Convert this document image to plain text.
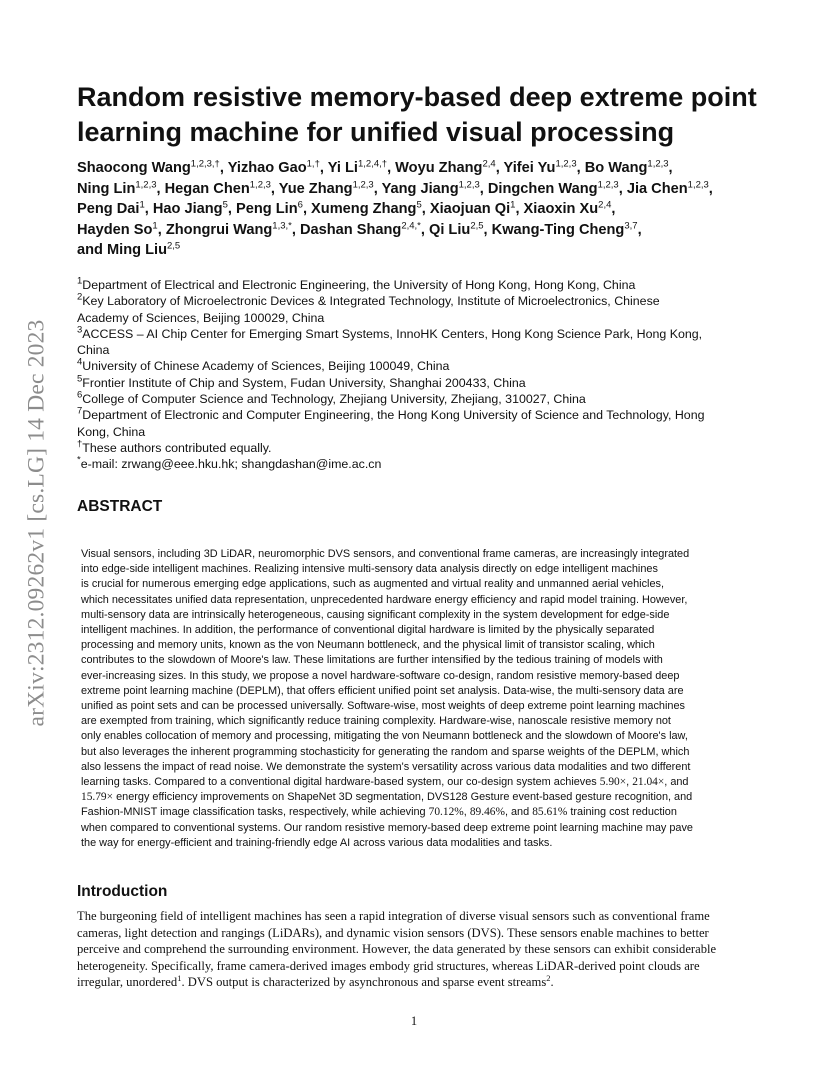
arXiv:2312.09262v1 [cs.LG] 14 Dec 2023
Random resistive memory-based deep extreme point
learning machine for unified visual processing
Shaocong Wang$^{1,2,3,\dagger}$, Yizhao Gao$^{1,\dagger}$, Yi $Li^{1,2,4,\dagger}$, Woyu Zhang$^{2,4}$, Yifei Yu$^{1,2,3}$, Bo Wang$^{1,2,3}$,
Ning Lin$^{1,2,3}$, Hegan Chen$^{1,2,3}$, Yue Zhang$^{1,2,3}$, Yang Jiang$^{1,2,3}$, Dingchen Wang$^{1,2,3}$, Jia Chen$^{1,2,3}$,
Peng Dai$^1$, Hao Jiang$^5$, Peng Lin$^6$, Xumeng Zhang$^5$, Xiaojuan Qi$^1$, Xiaoxin Xu$^{2,4}$,
Hayden So$^1$, Zhongrui Wang$^{1,3,*}$, Dashan Shang$^{2,4,*}$, Qi Liu$^{2,5}$, Kwang-Ting Cheng$^{3,7}$,
and Ming Liu$^{2,5}$
$^1$Department of Electrical and Electronic Engineering, the University of Hong Kong, Hong Kong, China
$^2$Key Laboratory of Microelectronic Devices & Integrated Technology, Institute of Microelectronics, Chinese
Academy of Sciences, Beijing 100029, China
$^3$ACCESS – AI Chip Center for Emerging Smart Systems, InnoHK Centers, Hong Kong Science Park, Hong Kong,
China
$^4$University of Chinese Academy of Sciences, Beijing 100049, China
$^5$Frontier Institute of Chip and System, Fudan University, Shanghai 200433, China
$^6$College of Computer Science and Technology, Zhejiang University, Zhejiang, 310027, China
$^7$Department of Electronic and Computer Engineering, the Hong Kong University of Science and Technology, Hong
Kong, China
†These authors contributed equally.
*e-mail: zrwang@eee.hku.hk; shangdashan@ime.ac.cn
ABSTRACT
Visual sensors, including 3D LiDAR, neuromorphic DVS sensors, and conventional frame cameras, are increasingly integrated
into edge-side intelligent machines. Realizing intensive multi-sensory data analysis directly on edge intelligent machines
is crucial for numerous emerging edge applications, such as augmented and virtual reality and unmanned aerial vehicles,
which necessitates unified data representation, unprecedented hardware energy efficiency and rapid model training. However,
multi-sensory data are intrinsically heterogeneous, causing significant complexity in the system development for edge-side
intelligent machines. In addition, the performance of conventional digital hardware is limited by the physically separated
processing and memory units, known as the von Neumann bottleneck, and the physical limit of transistor scaling, which
contributes to the slowdown of Moore's law. These limitations are further intensified by the tedious training of models with
ever-increasing sizes. In this study, we propose a novel hardware-software co-design, random resistive memory-based deep
extreme point learning machine (DEPLM), that offers efficient unified point set analysis. Data-wise, the multi-sensory data are
unified as point sets and can be processed universally. Software-wise, most weights of deep extreme point learning machines
are exempted from training, which significantly reduce training complexity. Hardware-wise, nanoscale resistive memory not
only enables collocation of memory and processing, mitigating the von Neumann bottleneck and the slowdown of Moore's law,
but also leverages the inherent programming stochasticity for generating the random and sparse weights of the DEPLM, which
also lessens the impact of read noise. We demonstrate the system's versatility across various data modalities and two different
learning tasks. Compared to a conventional digital hardware-based system, our co-design system achieves 5.90×, 21.04×, and
15.79× energy efficiency improvements on ShapeNet 3D segmentation, DVS128 Gesture event-based gesture recognition, and
Fashion-MNIST image classification tasks, respectively, while achieving 70.12%, 89.46%, and 85.61% training cost reduction
when compared to conventional systems. Our random resistive memory-based deep extreme point learning machine may pave
the way for energy-efficient and training-friendly edge AI across various data modalities and tasks.
Introduction
The burgeoning field of intelligent machines has seen a rapid integration of diverse visual sensors such as conventional frame
cameras, light detection and rangings (LiDARs), and dynamic vision sensors (DVS). These sensors enable machines to better
perceive and comprehend the surrounding environment. However, the data generated by these sensors can exhibit considerable
heterogeneity. Specifically, frame camera-derived images embody grid structures, whereas LiDAR-derived point clouds are
irregular, unordered$^1$. DVS output is characterized by asynchronous and sparse event streams$^2$.
1
